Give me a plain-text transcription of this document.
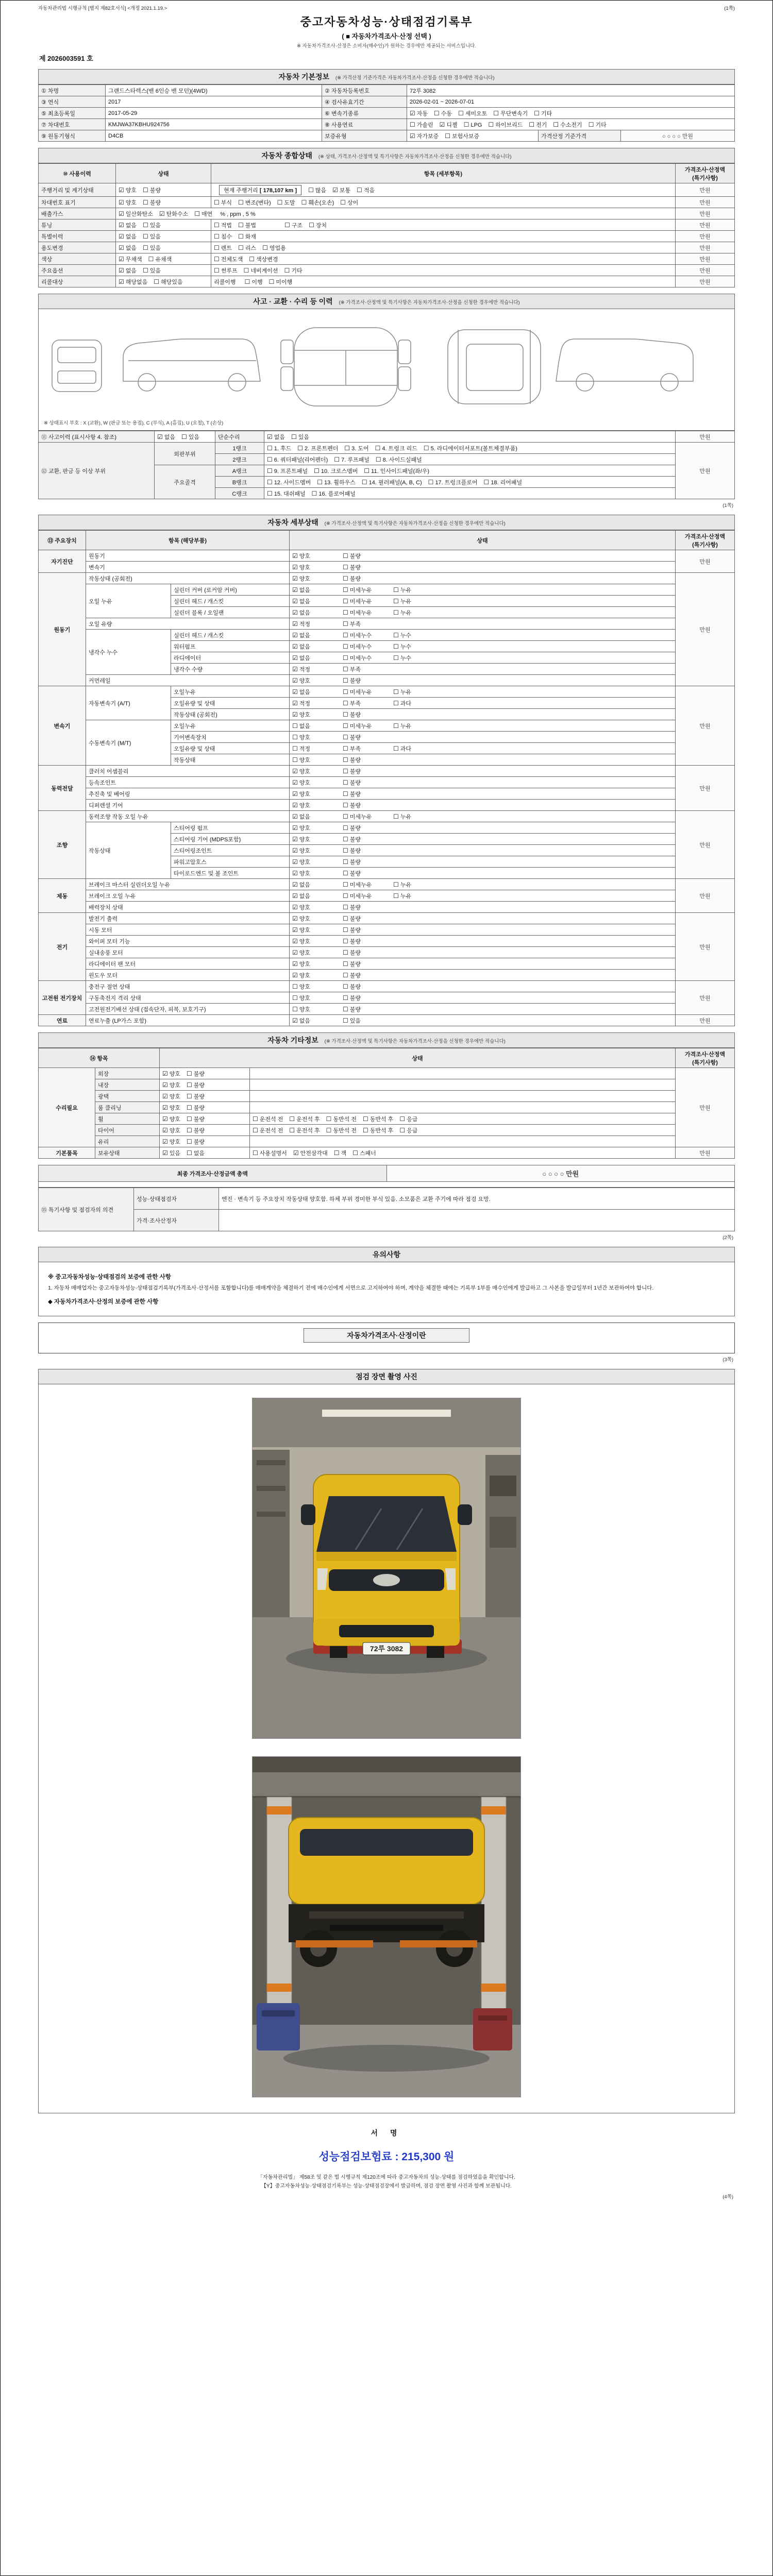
자동차관리법 시행규칙 [별지 제82호서식] <개정 2021.1.19.>	(1쪽)
중고자동차성능·상태점검기록부
( ■ 자동차가격조사·산정 선택 )
※ 자동차가격조사·산정은 소비자(매수인)가 원하는 경우에만 제공되는 서비스입니다.
제 2026003591 호
자동차 기본정보 (※ 가격산정 기준가격은 자동차가격조사·산정을 신청한 경우에만 적습니다)
① 차명	그랜드스타렉스(밴 6인승 밴 모던)(4WD)	② 자동차등록번호	72루 3082		
③ 연식	2017	④ 검사유효기간	2026-02-01 ~ 2026-07-01		
⑤ 최초등록일	2017-05-29	⑥ 변속기종류	☑ 자동 ☐ 수동 ☐ 세미오토 ☐ 무단변속기 ☐ 기타		
⑦ 차대번호	KMJWA37KBHU924756	⑧ 사용연료	☐ 가솔린 ☑ 디젤 ☐ LPG ☐ 하이브리드 ☐ 전기 ☐ 수소전기 ☐ 기타		
⑨ 원동기형식	D4CB	보증유형	☑ 자가보증 ☐ 보험사보증	가격산정 기준가격	○ ○ ○ ○ 만원
자동차 종합상태 (※ 상태, 가격조사·산정액 및 특기사항은 자동차가격조사·산정을 신청한 경우에만 적습니다)
⑩ 사용이력	상태	항목 (세부항목)	가격조사·산정액 (특기사항)
주행거리 및 계기상태	☑ 양호 ☐ 불량	현재 주행거리 [ 178,107 km ] ☐ 많음 ☑ 보통 ☐ 적음	만원
차대번호 표기	☑ 양호 ☐ 불량	☐ 부식 ☐ 변조(변타) ☐ 도말 ☐ 훼손(오손) ☐ 상이	만원
배출가스	☑ 일산화탄소 ☑ 탄화수소 ☐ 매연 % , ppm , 5 %		만원
튜닝	☑ 없음 ☐ 있음	☐ 적법 ☐ 불법 ☐ 구조 ☐ 장치	만원
특별이력	☑ 없음 ☐ 있음	☐ 침수 ☐ 화재	만원
용도변경	☑ 없음 ☐ 있음	☐ 렌트 ☐ 리스 ☐ 영업용	만원
색상	☑ 무채색 ☐ 유채색	☐ 전체도색 ☐ 색상변경	만원
주요옵션	☑ 없음 ☐ 있음	☐ 썬루프 ☐ 네비게이션 ☐ 기타	만원
리콜대상	☑ 해당없음 ☐ 해당있음	리콜이행 ☐ 이행 ☐ 미이행	만원
사고 · 교환 · 수리 등 이력 (※ 가격조사·산정액 및 특기사항은 자동차가격조사·산정을 신청한 경우에만 적습니다)
※ 상태표시 부호 : X (교환), W (판금 또는 용접), C (부식), A (흠집), U (요철), T (손상)
⑪ 사고이력 (표시사항 4. 참조)	☑ 없음 ☐ 있음	단순수리	☑ 없음 ☐ 있음	만원
⑫ 교환, 판금 등 이상 부위	외판부위	1랭크	☐ 1. 후드 ☐ 2. 프론트펜더 ☐ 3. 도어 ☐ 4. 트렁크 리드 ☐ 5. 라디에이터서포트(볼트체결부품)	만원
		2랭크	☐ 6. 쿼터패널(리어펜더) ☐ 7. 루프패널 ☐ 8. 사이드실패널	
	주요골격	A랭크	☐ 9. 프론트패널 ☐ 10. 크로스멤버 ☐ 11. 인사이드패널(좌/우)	
		B랭크	☐ 12. 사이드멤버 ☐ 13. 휠하우스 ☐ 14. 필러패널(A, B, C) ☐ 17. 트렁크플로어 ☐ 18. 리어패널	
		C랭크	☐ 15. 대쉬패널 ☐ 16. 플로어패널	
(1쪽)
자동차 세부상태 (※ 가격조사·산정액 및 특기사항은 자동차가격조사·산정을 신청한 경우에만 적습니다)
⑬ 주요장치	항목 (해당부품)		상태	가격조사·산정액 (특기사항)
자기진단	원동기		☑ 양호 ☐ 불량	만원
	변속기		☑ 양호 ☐ 불량	
원동기	작동상태 (공회전)		☑ 양호 ☐ 불량	만원
	오일 누유	실린더 커버 (로커암 커버)	☑ 없음 ☐ 미세누유 ☐ 누유	
		실린더 헤드 / 개스킷	☑ 없음 ☐ 미세누유 ☐ 누유	
		실린더 블록 / 오일팬	☑ 없음 ☐ 미세누유 ☐ 누유	
	오일 유량		☑ 적정 ☐ 부족	
	냉각수 누수	실린더 헤드 / 개스킷	☑ 없음 ☐ 미세누수 ☐ 누수	
		워터펌프	☑ 없음 ☐ 미세누수 ☐ 누수	
		라디에이터	☑ 없음 ☐ 미세누수 ☐ 누수	
		냉각수 수량	☑ 적정 ☐ 부족	
	커먼레일		☑ 양호 ☐ 불량	
변속기	자동변속기 (A/T)	오일누유	☑ 없음 ☐ 미세누유 ☐ 누유	만원
		오일유량 및 상태	☑ 적정 ☐ 부족 ☐ 과다	
		작동상태 (공회전)	☑ 양호 ☐ 불량	
	수동변속기 (M/T)	오일누유	☐ 없음 ☐ 미세누유 ☐ 누유	
		기어변속장치	☐ 양호 ☐ 불량	
		오일유량 및 상태	☐ 적정 ☐ 부족 ☐ 과다	
		작동상태	☐ 양호 ☐ 불량	
동력전달	클러치 어셈블리		☑ 양호 ☐ 불량	만원
	등속조인트		☑ 양호 ☐ 불량	
	추진축 및 베어링		☑ 양호 ☐ 불량	
	디퍼렌셜 기어		☑ 양호 ☐ 불량	
조향	동력조향 작동 오일 누유		☑ 없음 ☐ 미세누유 ☐ 누유	만원
	작동상태	스티어링 펌프	☑ 양호 ☐ 불량	
		스티어링 기어 (MDPS포함)	☑ 양호 ☐ 불량	
		스티어링조인트	☑ 양호 ☐ 불량	
		파워고압호스	☑ 양호 ☐ 불량	
		타이로드엔드 및 볼 조인트	☑ 양호 ☐ 불량	
제동	브레이크 마스터 실린더오일 누유		☑ 없음 ☐ 미세누유 ☐ 누유	만원
	브레이크 오일 누유		☑ 없음 ☐ 미세누유 ☐ 누유	
	배력장치 상태		☑ 양호 ☐ 불량	
전기	발전기 출력		☑ 양호 ☐ 불량	만원
	시동 모터		☑ 양호 ☐ 불량	
	와이퍼 모터 기능		☑ 양호 ☐ 불량	
	실내송풍 모터		☑ 양호 ☐ 불량	
	라디에이터 팬 모터		☑ 양호 ☐ 불량	
	윈도우 모터		☑ 양호 ☐ 불량	
고전원 전기장치	충전구 절연 상태		☐ 양호 ☐ 불량	만원
	구동축전지 격리 상태		☐ 양호 ☐ 불량	
	고전원전기배선 상태 (접속단자, 피복, 보호기구)		☐ 양호 ☐ 불량	
연료	연료누출 (LP가스 포함)		☑ 없음 ☐ 있음	만원
자동차 기타정보 (※ 가격조사·산정액 및 특기사항은 자동차가격조사·산정을 신청한 경우에만 적습니다)
⑭ 항목		상태		가격조사·산정액 (특기사항)
수리필요	외장	☑ 양호 ☐ 불량		만원
	내장	☑ 양호 ☐ 불량		
	광택	☑ 양호 ☐ 불량		
	룸 클리닝	☑ 양호 ☐ 불량		
	휠	☑ 양호 ☐ 불량	☐ 운전석 전 ☐ 운전석 후 ☐ 동반석 전 ☐ 동반석 후 ☐ 응급	
	타이어	☑ 양호 ☐ 불량	☐ 운전석 전 ☐ 운전석 후 ☐ 동반석 전 ☐ 동반석 후 ☐ 응급	
	유리	☑ 양호 ☐ 불량		
기본품목	보유상태	☑ 있음 ☐ 없음	☐ 사용설명서 ☑ 안전삼각대 ☐ 잭 ☐ 스패너	만원
최종 가격조사·산정금액 총액	○ ○ ○ ○ 만원
⑮ 특기사항 및 점검자의 의견	성능·상태점검자	엔진 · 변속기 등 주요장치 작동상태 양호함. 하체 부위 경미한 부식 있음. 소모품은 교환 주기에 따라 점검 요망.
	가격·조사산정자	
(2쪽)
유의사항
※ 중고자동차성능·상태점검의 보증에 관한 사항
1. 자동차 매매업자는 중고자동차성능·상태점검기록부(가격조사·산정서를 포함합니다)를 매매계약을 체결하기 전에 매수인에게 서면으로 고지하여야 하며, 계약을 체결한 때에는 기록부 1부를 매수인에게 발급하고 그 사본을 발급일부터 1년간 보관하여야 합니다.
◆ 자동차가격조사·산정의 보증에 관한 사항
자동차가격조사·산정이란
(3쪽)
점검 장면 촬영 사진
72루 3082
서 명
성능점검보험료 : 215,300 원
「자동차관리법」 제58조 및 같은 법 시행규칙 제120조에 따라 중고자동차의 성능·상태를 점검하였음을 확인합니다.
【Y】중고자동차성능·상태점검기록부는 성능·상태점검장에서 발급하며, 점검 장면 촬영 사진과 함께 보관됩니다.
(4쪽)
